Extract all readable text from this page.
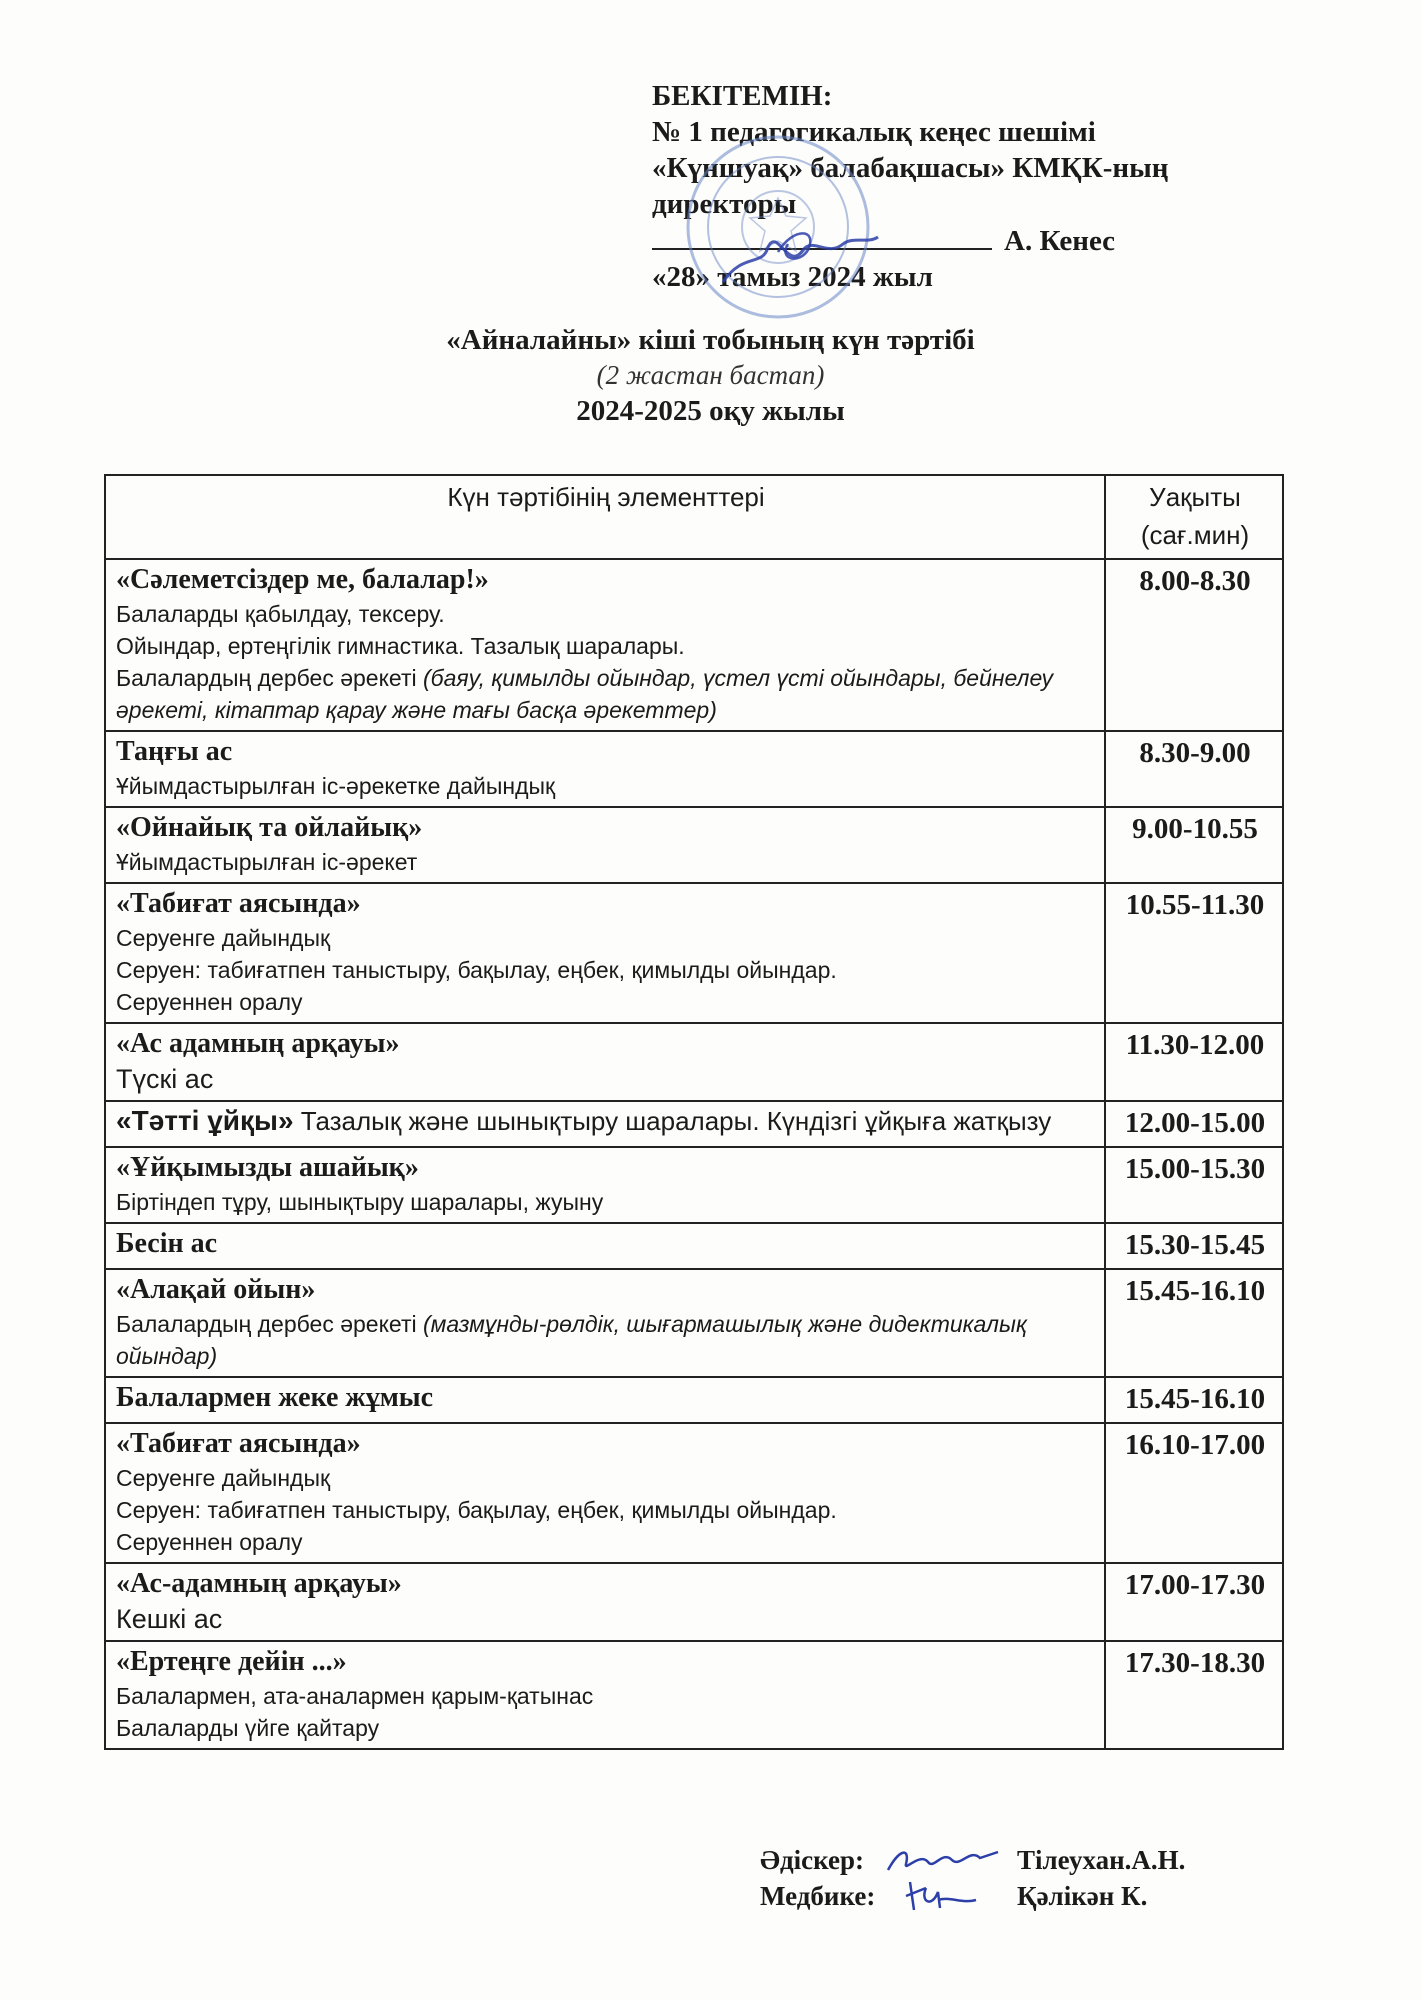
БЕКІТЕМІН:
№ 1 педагогикалық кеңес шешімі
«Күншуақ» балабақшасы» КМҚК-ның
директоры
А. Кенес
«28» тамыз 2024 жыл
«Айналайны» кіші тобының күн тәртібі
(2 жастан бастап)
2024-2025 оқу жылы
Күн тәртібінің элементтері	Уақыты
(сағ.мин)

«Сәлеметсіздер ме, балалар!»
Балаларды қабылдау, тексеру.
Ойындар, ертеңгілік гимнастика. Тазалық шаралары.
Балалардың дербес әрекеті (баяу, қимылды ойындар, үстел үсті ойындары, бейнелеу әрекеті, кітаптар қарау және тағы басқа әрекеттер)	8.00-8.30

Таңғы ас
Ұйымдастырылған іс-әрекетке дайындық	8.30-9.00

«Ойнайық та ойлайық»
Ұйымдастырылған іс-әрекет	9.00-10.55

«Табиғат аясында»
Серуенге дайындық
Серуен: табиғатпен таныстыру, бақылау, еңбек, қимылды ойындар.
Серуеннен оралу	10.55-11.30

«Ас адамның арқауы»
Түскі ас	11.30-12.00

«Тәтті ұйқы» Тазалық және шынықтыру шаралары. Күндізгі ұйқыға жатқызу	12.00-15.00

«Ұйқымызды ашайық»
Біртіндеп тұру, шынықтыру шаралары, жуыну	15.00-15.30

Бесін ас	15.30-15.45

«Алақай ойын»
Балалардың дербес әрекеті (мазмұнды-рөлдік, шығармашылық және дидектикалық ойындар)	15.45-16.10

Балалармен жеке жұмыс	15.45-16.10

«Табиғат аясында»
Серуенге дайындық
Серуен: табиғатпен таныстыру, бақылау, еңбек, қимылды ойындар.
Серуеннен оралу	16.10-17.00

«Ас-адамның арқауы»
Кешкі ас	17.00-17.30

«Ертеңге дейін ...»
Балалармен, ата-аналармен қарым-қатынас
Балаларды үйге қайтару	17.30-18.30
Әдіскер:	Тілеухан.А.Н.
Медбике:	Қәлікән К.
